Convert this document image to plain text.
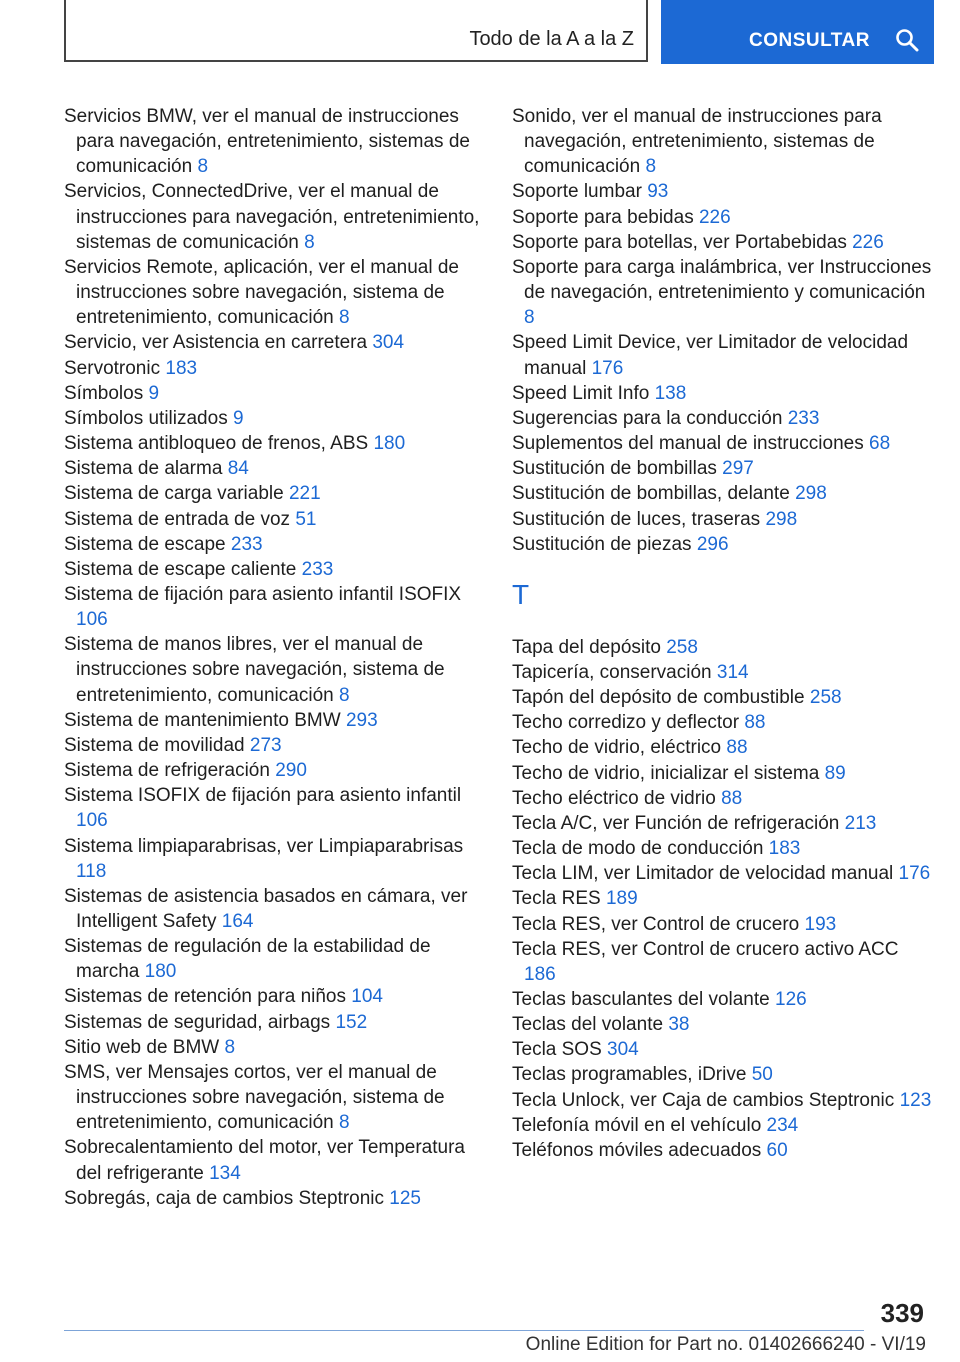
Todo de la A a la Z	CONSULTAR
Servicios BMW, ver el manual de instrucciones para navegación, entretenimiento, sistemas de comunicación 8
Servicios, ConnectedDrive, ver el manual de instrucciones para navegación, entretenimiento, sistemas de comunicación 8
Servicios Remote, aplicación, ver el manual de instrucciones sobre navegación, sistema de entretenimiento, comunicación 8
Servicio, ver Asistencia en carretera 304
Servotronic 183
Símbolos 9
Símbolos utilizados 9
Sistema antibloqueo de frenos, ABS 180
Sistema de alarma 84
Sistema de carga variable 221
Sistema de entrada de voz 51
Sistema de escape 233
Sistema de escape caliente 233
Sistema de fijación para asiento infantil ISOFIX 106
Sistema de manos libres, ver el manual de instrucciones sobre navegación, sistema de entretenimiento, comunicación 8
Sistema de mantenimiento BMW 293
Sistema de movilidad 273
Sistema de refrigeración 290
Sistema ISOFIX de fijación para asiento infantil 106
Sistema limpiaparabrisas, ver Limpiaparabrisas 118
Sistemas de asistencia basados en cámara, ver Intelligent Safety 164
Sistemas de regulación de la estabilidad de marcha 180
Sistemas de retención para niños 104
Sistemas de seguridad, airbags 152
Sitio web de BMW 8
SMS, ver Mensajes cortos, ver el manual de instrucciones sobre navegación, sistema de entretenimiento, comunicación 8
Sobrecalentamiento del motor, ver Temperatura del refrigerante 134
Sobregás, caja de cambios Steptronic 125
Sonido, ver el manual de instrucciones para navegación, entretenimiento, sistemas de comunicación 8
Soporte lumbar 93
Soporte para bebidas 226
Soporte para botellas, ver Portabebidas 226
Soporte para carga inalámbrica, ver Instrucciones de navegación, entretenimiento y comunicación 8
Speed Limit Device, ver Limitador de velocidad manual 176
Speed Limit Info 138
Sugerencias para la conducción 233
Suplementos del manual de instrucciones 68
Sustitución de bombillas 297
Sustitución de bombillas, delante 298
Sustitución de luces, traseras 298
Sustitución de piezas 296
T
Tapa del depósito 258
Tapicería, conservación 314
Tapón del depósito de combustible 258
Techo corredizo y deflector 88
Techo de vidrio, eléctrico 88
Techo de vidrio, inicializar el sistema 89
Techo eléctrico de vidrio 88
Tecla A/C, ver Función de refrigeración 213
Tecla de modo de conducción 183
Tecla LIM, ver Limitador de velocidad manual 176
Tecla RES 189
Tecla RES, ver Control de crucero 193
Tecla RES, ver Control de crucero activo ACC 186
Teclas basculantes del volante 126
Teclas del volante 38
Tecla SOS 304
Teclas programables, iDrive 50
Tecla Unlock, ver Caja de cambios Steptronic 123
Telefonía móvil en el vehículo 234
Teléfonos móviles adecuados 60
339
Online Edition for Part no. 01402666240 - VI/19
